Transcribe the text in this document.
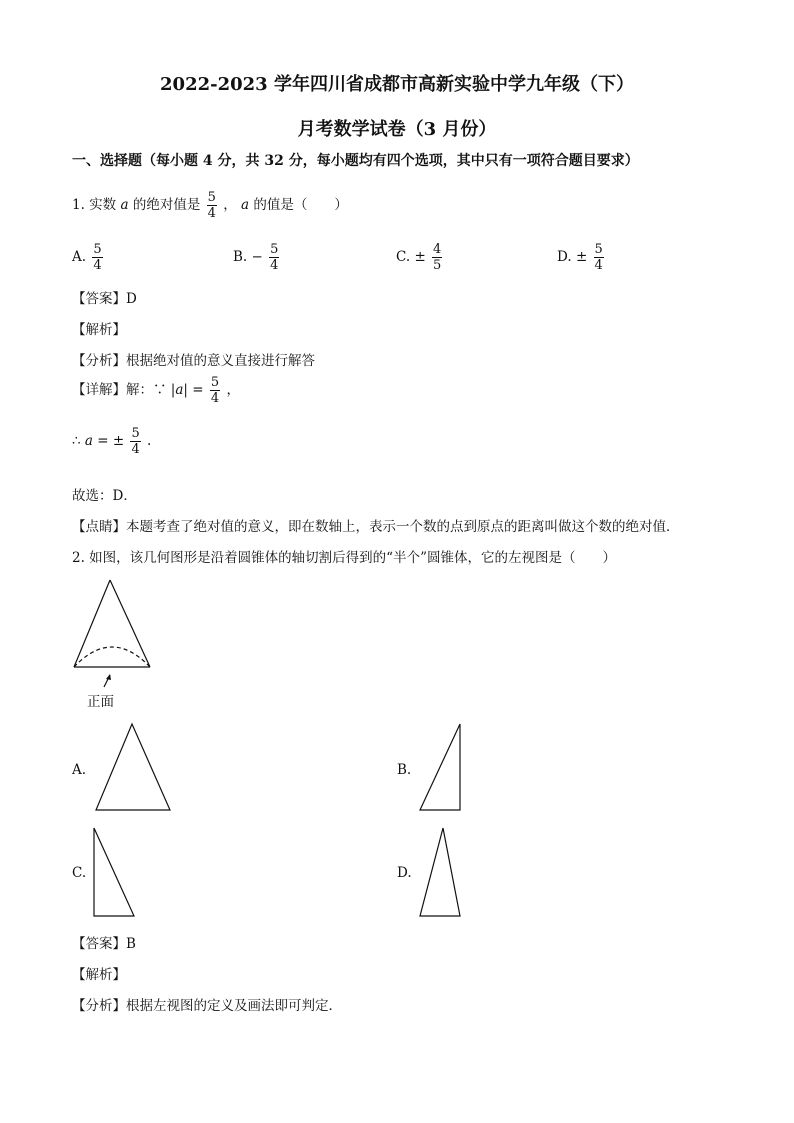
2022-2023 学年四川省成都市高新实验中学九年级（下）
月考数学试卷（3 月份）
一、选择题（每小题 4 分，共 32 分，每小题均有四个选项，其中只有一项符合题目要求）
1. 实数 a 的绝对值是 $\frac{5}{4}$ ， a 的值是（　　）
A. $\frac{5}{4}$	B. − $\frac{5}{4}$	C. ± $\frac{4}{5}$	D. ± $\frac{5}{4}$
【答案】D
【解析】
【分析】根据绝对值的意义直接进行解答
【详解】解：∵ $|a| = \frac{5}{4}$ ，
∴ a = ± $\frac{5}{4}$ .
故选：D．
【点睛】本题考查了绝对值的意义，即在数轴上，表示一个数的点到原点的距离叫做这个数的绝对值．
2. 如图，该几何图形是沿着圆锥体的轴切割后得到的“半个”圆锥体，它的左视图是（　　）
正面
A.	B.
C.	D.
【答案】B
【解析】
【分析】根据左视图的定义及画法即可判定．
